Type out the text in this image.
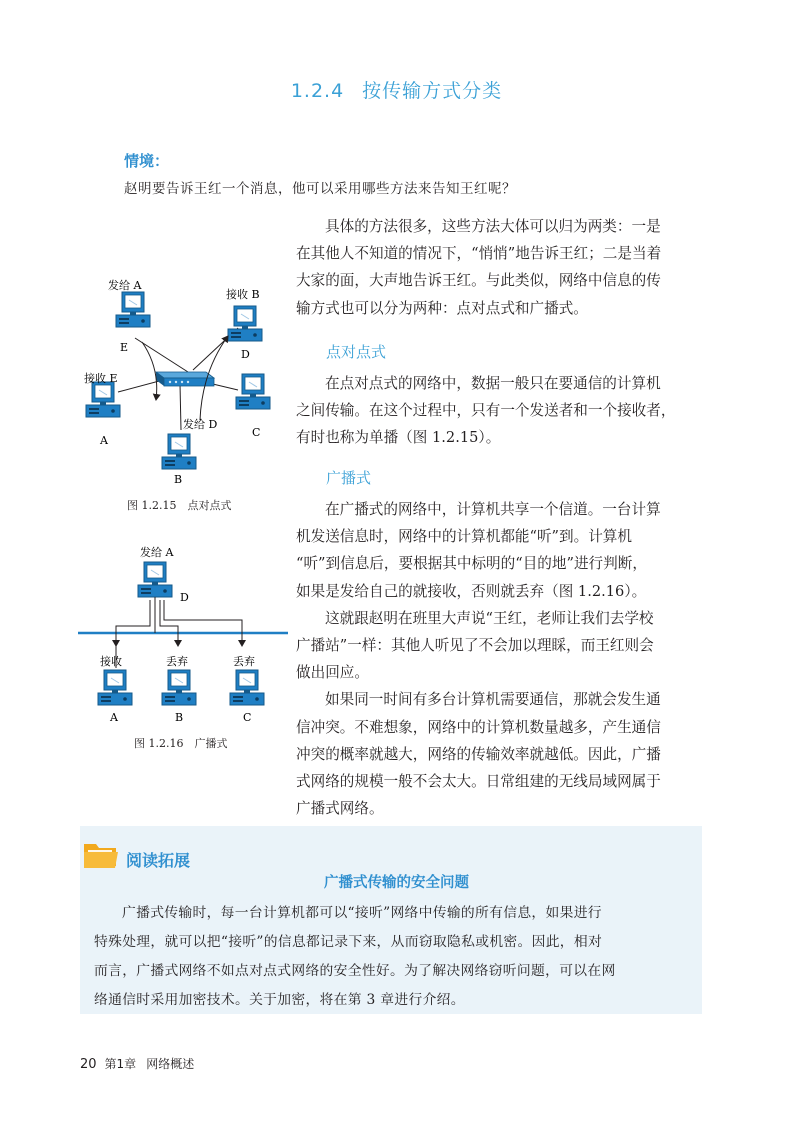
1.2.4 按传输方式分类
情境：
赵明要告诉王红一个消息，他可以采用哪些方法来告知王红呢？
具体的方法很多，这些方法大体可以归为两类：一是
在其他人不知道的情况下，“悄悄”地告诉王红；二是当着
大家的面，大声地告诉王红。与此类似，网络中信息的传
输方式也可以分为两种：点对点式和广播式。
点对点式
在点对点式的网络中，数据一般只在要通信的计算机
之间传输。在这个过程中，只有一个发送者和一个接收者，
有时也称为单播（图 1.2.15）。
广播式
在广播式的网络中，计算机共享一个信道。一台计算
机发送信息时，网络中的计算机都能“听”到。计算机
“听”到信息后，要根据其中标明的“目的地”进行判断，
如果是发给自己的就接收，否则就丢弃（图 1.2.16）。
这就跟赵明在班里大声说“王红，老师让我们去学校
广播站”一样：其他人听见了不会加以理睬，而王红则会
做出回应。
如果同一时间有多台计算机需要通信，那就会发生通
信冲突。不难想象，网络中的计算机数量越多，产生通信
冲突的概率就越大，网络的传输效率就越低。因此，广播
式网络的规模一般不会太大。日常组建的无线局域网属于
广播式网络。
发给 A
接收 B
接收 E
发给 D
E
D
A
B
C
图 1.2.15　点对点式
发给 A
D
接收	丢弃	丢弃
A	B	C
图 1.2.16　广播式
阅读拓展
广播式传输的安全问题
广播式传输时，每一台计算机都可以“接听”网络中传输的所有信息，如果进行
特殊处理，就可以把“接听”的信息都记录下来，从而窃取隐私或机密。因此，相对
而言，广播式网络不如点对点式网络的安全性好。为了解决网络窃听问题，可以在网
络通信时采用加密技术。关于加密，将在第 3 章进行介绍。
20 第1章 网络概述
